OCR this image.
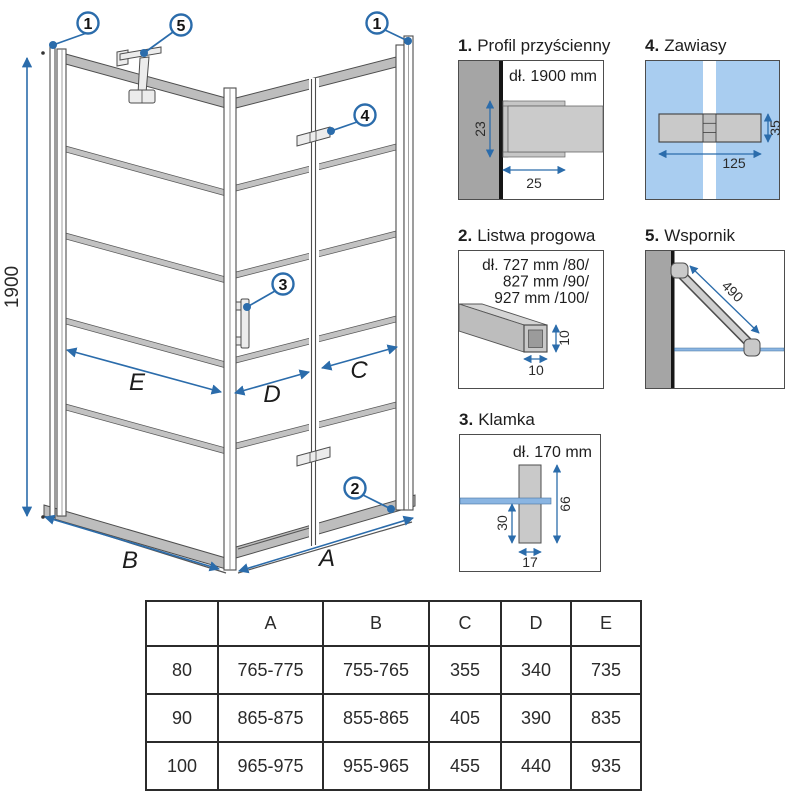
1900
E	D
C
B	A
1	5	1
4
3
2
1. Profil przyścienny
dł. 1900 mm
23
25
4. Zawiasy
35
125
2. Listwa progowa
dł. 727 mm /80/
827 mm /90/
927 mm /100/
10
10
5. Wspornik
490
3. Klamka
dł. 170 mm
66
30
17
	A	B	C	D	E
80	765-775	755-765	355	340	735
90	865-875	855-865	405	390	835
100	965-975	955-965	455	440	935
